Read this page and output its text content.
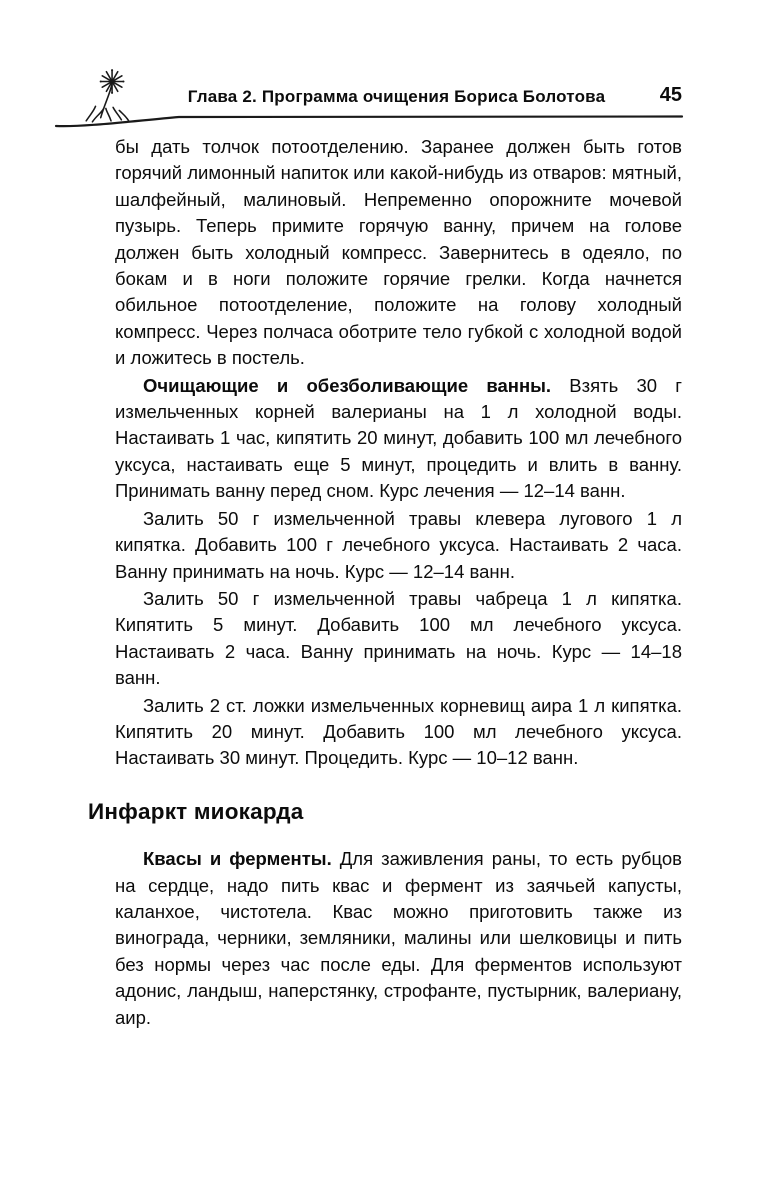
Глава 2. Программа очищения Бориса Болотова	45

бы дать толчок потоотделению. Заранее должен быть готов горячий лимонный напиток или какой-нибудь из отваров: мятный, шалфейный, малиновый. Непременно опорожните мочевой пузырь. Теперь примите горячую ванну, причем на голове должен быть холодный компресс. Завернитесь в одеяло, по бокам и в ноги положите горячие грелки. Когда начнется обильное потоотделение, положите на голову холодный компресс. Через полчаса оботрите тело губкой с холодной водой и ложитесь в постель.

Очищающие и обезболивающие ванны. Взять 30 г измельченных корней валерианы на 1 л холодной воды. Настаивать 1 час, кипятить 20 минут, добавить 100 мл лечебного уксуса, настаивать еще 5 минут, процедить и влить в ванну. Принимать ванну перед сном. Курс лечения — 12–14 ванн.

Залить 50 г измельченной травы клевера лугового 1 л кипятка. Добавить 100 г лечебного уксуса. Настаивать 2 часа. Ванну принимать на ночь. Курс — 12–14 ванн.

Залить 50 г измельченной травы чабреца 1 л кипятка. Кипятить 5 минут. Добавить 100 мл лечебного уксуса. Настаивать 2 часа. Ванну принимать на ночь. Курс — 14–18 ванн.

Залить 2 ст. ложки измельченных корневищ аира 1 л кипятка. Кипятить 20 минут. Добавить 100 мл лечебного уксуса. Настаивать 30 минут. Процедить. Курс — 10–12 ванн.

Инфаркт миокарда

Квасы и ферменты. Для заживления раны, то есть рубцов на сердце, надо пить квас и фермент из заячьей капусты, каланхое, чистотела. Квас можно приготовить также из винограда, черники, земляники, малины или шелковицы и пить без нормы через час после еды. Для ферментов используют адонис, ландыш, наперстянку, строфанте, пустырник, валериану, аир.
